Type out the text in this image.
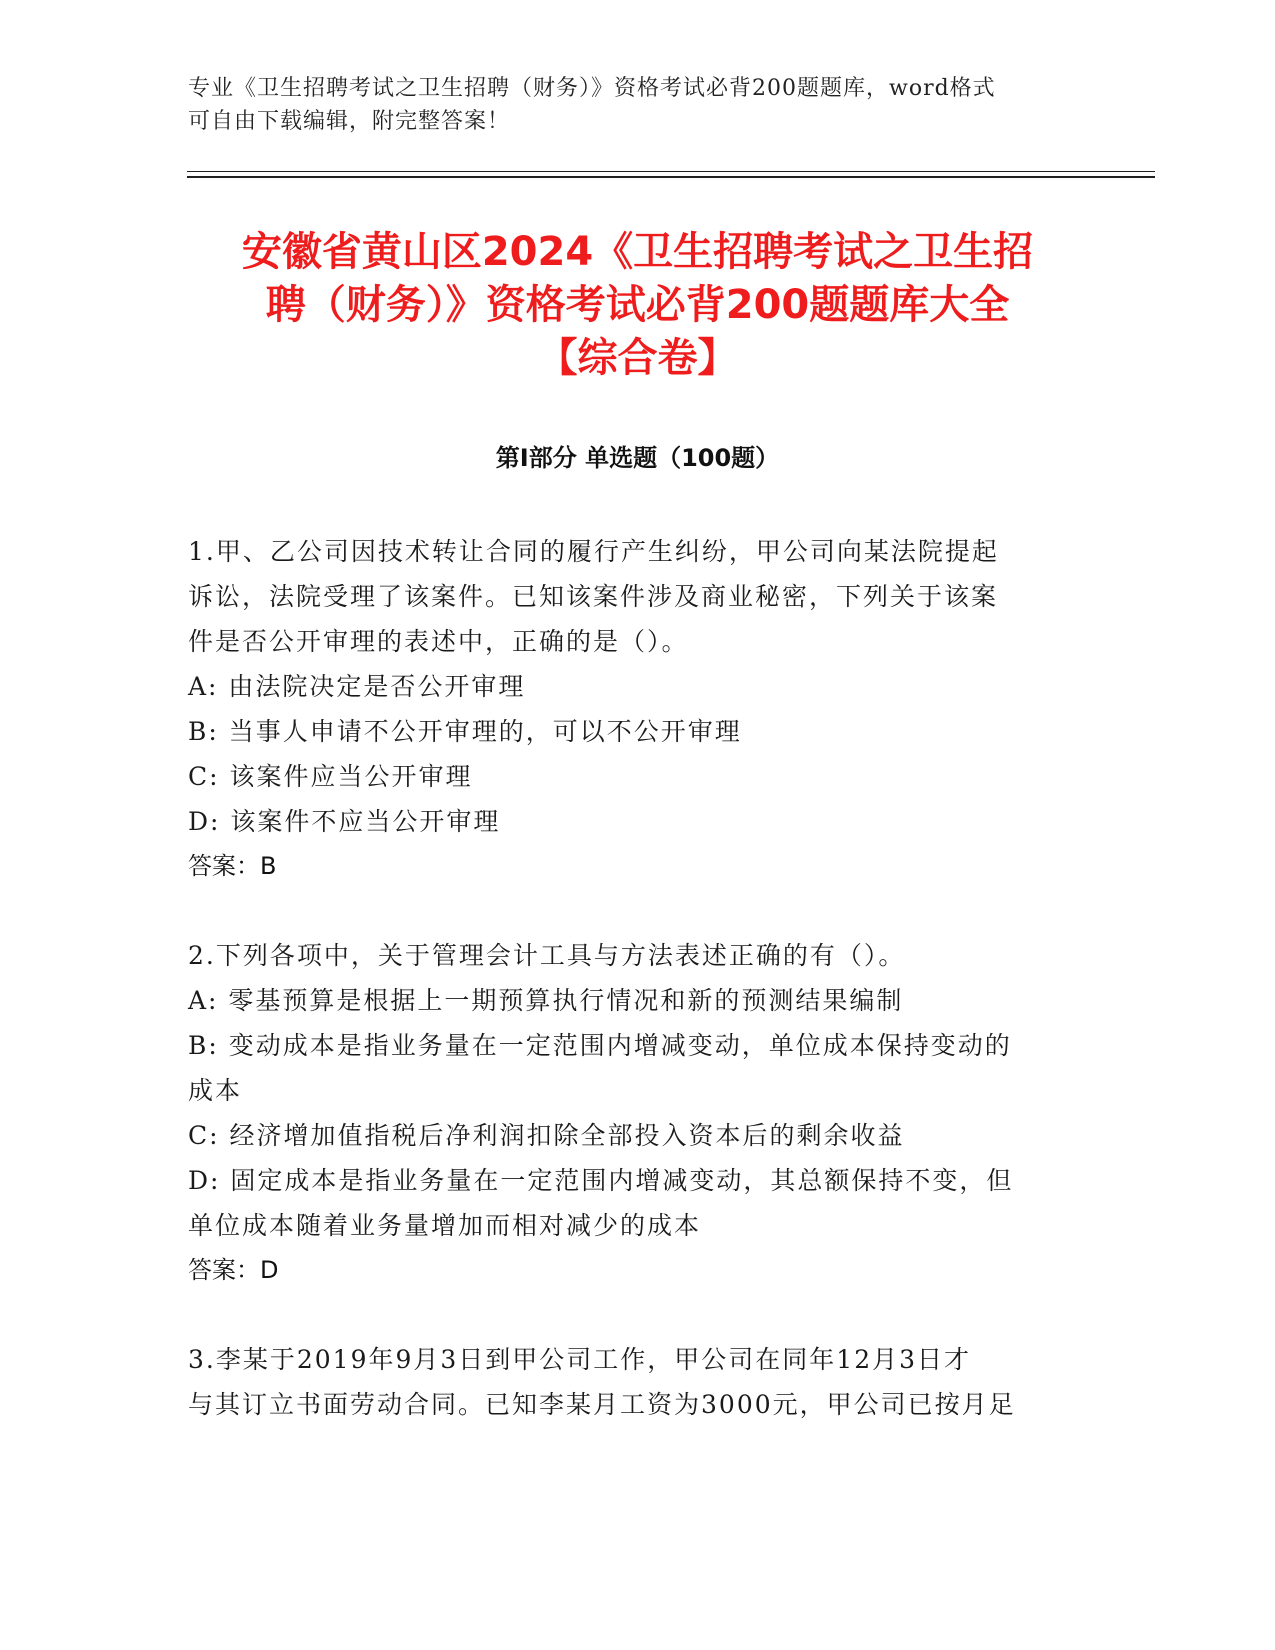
专业《卫生招聘考试之卫生招聘（财务）》资格考试必背200题题库，word格式
可自由下载编辑，附完整答案！
安徽省黄山区2024《卫生招聘考试之卫生招
聘（财务）》资格考试必背200题题库大全
【综合卷】
第I部分 单选题（100题）
1.甲、乙公司因技术转让合同的履行产生纠纷，甲公司向某法院提起
诉讼，法院受理了该案件。已知该案件涉及商业秘密，下列关于该案
件是否公开审理的表述中，正确的是（）。
A: 由法院决定是否公开审理
B: 当事人申请不公开审理的，可以不公开审理
C: 该案件应当公开审理
D: 该案件不应当公开审理
答案：B
2.下列各项中，关于管理会计工具与方法表述正确的有（）。
A: 零基预算是根据上一期预算执行情况和新的预测结果编制
B: 变动成本是指业务量在一定范围内增减变动，单位成本保持变动的
成本
C: 经济增加值指税后净利润扣除全部投入资本后的剩余收益
D: 固定成本是指业务量在一定范围内增减变动，其总额保持不变，但
单位成本随着业务量增加而相对减少的成本
答案：D
3.李某于2019年9月3日到甲公司工作，甲公司在同年12月3日才
与其订立书面劳动合同。已知李某月工资为3000元，甲公司已按月足
